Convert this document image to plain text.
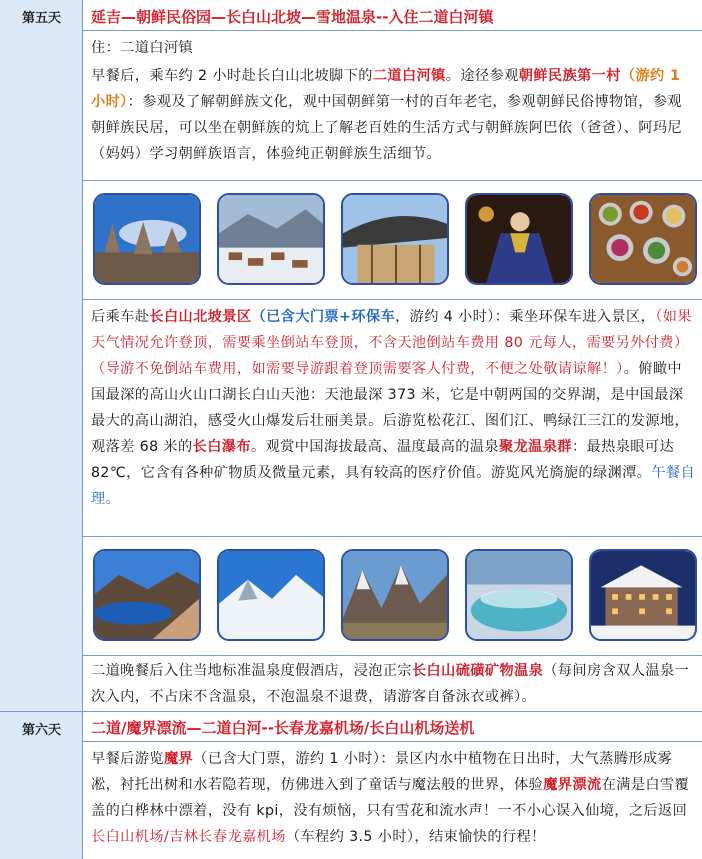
第五天	延吉—朝鲜民俗园—长白山北坡—雪地温泉--入住二道白河镇
住：二道白河镇
早餐后，乘车约 2 小时赴长白山北坡脚下的二道白河镇。途径参观朝鲜民族第一村（游约 1 小时）：参观及了解朝鲜族文化，观中国朝鲜第一村的百年老宅，参观朝鲜民俗博物馆，参观朝鲜族民居，可以坐在朝鲜族的炕上了解老百姓的生活方式与朝鲜族阿巴依（爸爸）、阿玛尼（妈妈）学习朝鲜族语言，体验纯正朝鲜族生活细节。
后乘车赴长白山北坡景区（已含大门票+环保车，游约 4 小时）：乘坐环保车进入景区，（如果天气情况允许登顶，需要乘坐倒站车登顶，不含天池倒站车费用 80 元每人，需要另外付费）（导游不免倒站车费用，如需要导游跟着登顶需要客人付费，不便之处敬请谅解！）。俯瞰中国最深的高山火山口湖长白山天池：天池最深 373 米，它是中朝两国的交界湖，是中国最深最大的高山湖泊，感受火山爆发后壮丽美景。后游览松花江、图们江、鸭绿江三江的发源地，观落差 68 米的长白瀑布。观赏中国海拔最高、温度最高的温泉聚龙温泉群：最热泉眼可达 82℃，它含有各种矿物质及微量元素，具有较高的医疗价值。游览风光旖旎的绿渊潭。午餐自理。
二道晚餐后入住当地标准温泉度假酒店，浸泡正宗长白山硫磺矿物温泉（每间房含双人温泉一次入内，不占床不含温泉，不泡温泉不退费，请游客自备泳衣或裤）。
第六天	二道/魔界漂流—二道白河--长春龙嘉机场/长白山机场送机
早餐后游览魔界（已含大门票，游约 1 小时）：景区内水中植物在日出时，大气蒸腾形成雾凇，衬托出树和水若隐若现，仿佛进入到了童话与魔法般的世界，体验魔界漂流在满是白雪覆盖的白桦林中漂着，没有 kpi，没有烦恼，只有雪花和流水声！一不小心误入仙境，之后返回长白山机场/吉林长春龙嘉机场（车程约 3.5 小时），结束愉快的行程！
